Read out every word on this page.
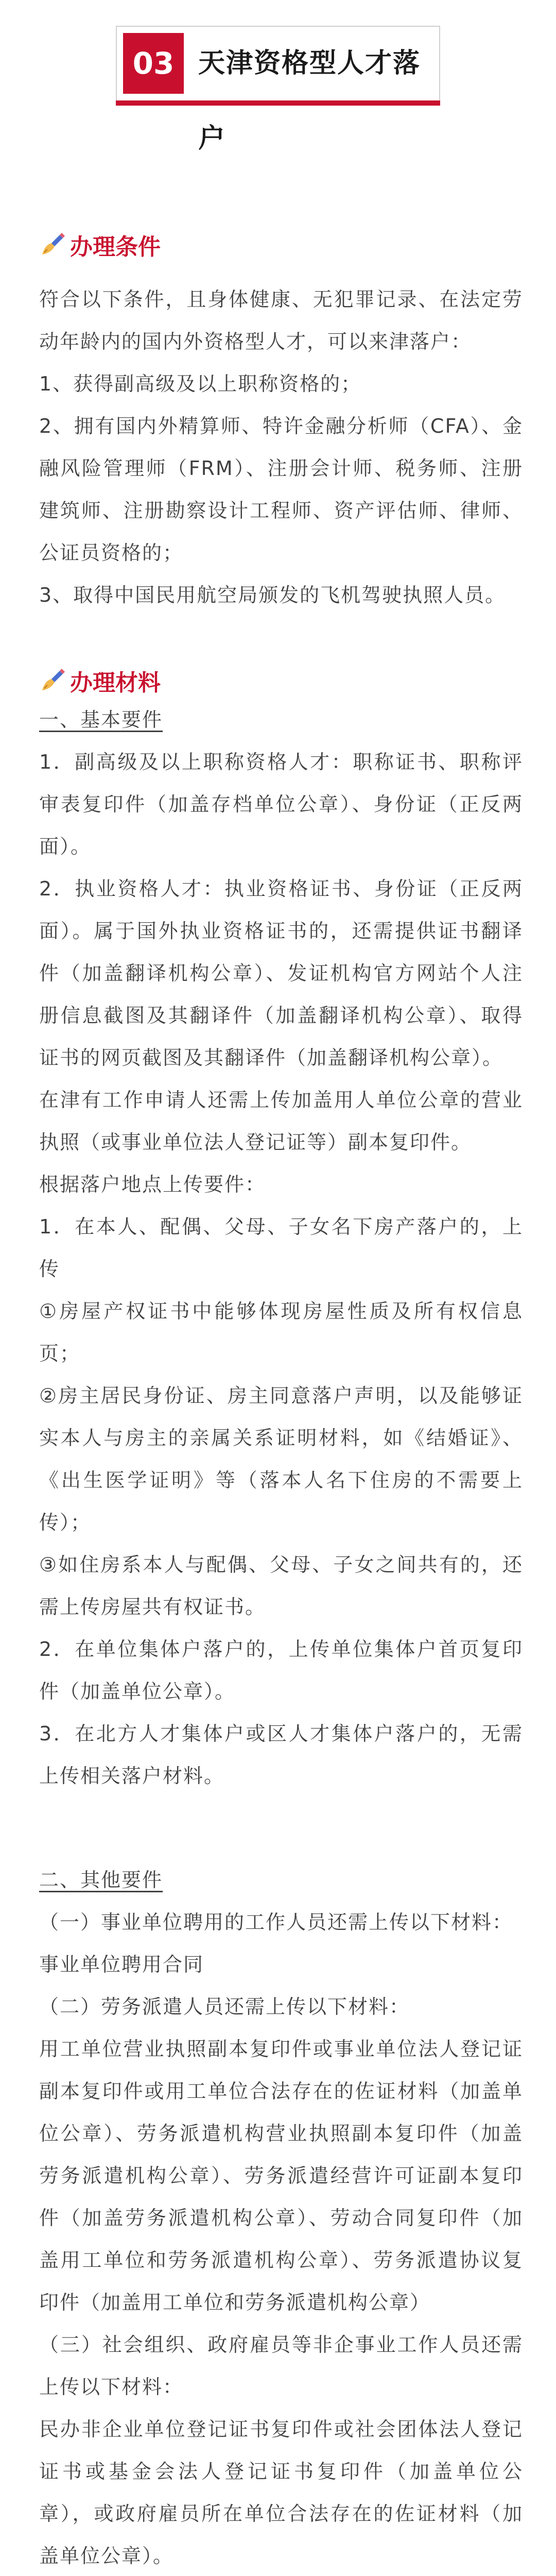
03 天津资格型人才落户
办理条件

符合以下条件，且身体健康、无犯罪记录、在法定劳动年龄内的国内外资格型人才，可以来津落户：

1、获得副高级及以上职称资格的；

2、拥有国内外精算师、特许金融分析师（CFA）、金融风险管理师（FRM）、注册会计师、税务师、注册建筑师、注册勘察设计工程师、资产评估师、律师、公证员资格的；

3、取得中国民用航空局颁发的飞机驾驶执照人员。

办理材料

一、基本要件

1．副高级及以上职称资格人才：职称证书、职称评审表复印件（加盖存档单位公章）、身份证（正反两面）。

2．执业资格人才：执业资格证书、身份证（正反两面）。属于国外执业资格证书的，还需提供证书翻译件（加盖翻译机构公章）、发证机构官方网站个人注册信息截图及其翻译件（加盖翻译机构公章）、取得证书的网页截图及其翻译件（加盖翻译机构公章）。

在津有工作申请人还需上传加盖用人单位公章的营业执照（或事业单位法人登记证等）副本复印件。

根据落户地点上传要件：

1．在本人、配偶、父母、子女名下房产落户的，上传

①房屋产权证书中能够体现房屋性质及所有权信息页；

②房主居民身份证、房主同意落户声明，以及能够证实本人与房主的亲属关系证明材料，如《结婚证》、《出生医学证明》等（落本人名下住房的不需要上传）；

③如住房系本人与配偶、父母、子女之间共有的，还需上传房屋共有权证书。

2．在单位集体户落户的，上传单位集体户首页复印件（加盖单位公章）。

3．在北方人才集体户或区人才集体户落户的，无需上传相关落户材料。

二、其他要件

（一）事业单位聘用的工作人员还需上传以下材料：

事业单位聘用合同

（二）劳务派遣人员还需上传以下材料：

用工单位营业执照副本复印件或事业单位法人登记证副本复印件或用工单位合法存在的佐证材料（加盖单位公章）、劳务派遣机构营业执照副本复印件（加盖劳务派遣机构公章）、劳务派遣经营许可证副本复印件（加盖劳务派遣机构公章）、劳动合同复印件（加盖用工单位和劳务派遣机构公章）、劳务派遣协议复印件（加盖用工单位和劳务派遣机构公章）

（三）社会组织、政府雇员等非企事业工作人员还需上传以下材料：

民办非企业单位登记证书复印件或社会团体法人登记证书或基金会法人登记证书复印件（加盖单位公章），或政府雇员所在单位合法存在的佐证材料（加盖单位公章）。
